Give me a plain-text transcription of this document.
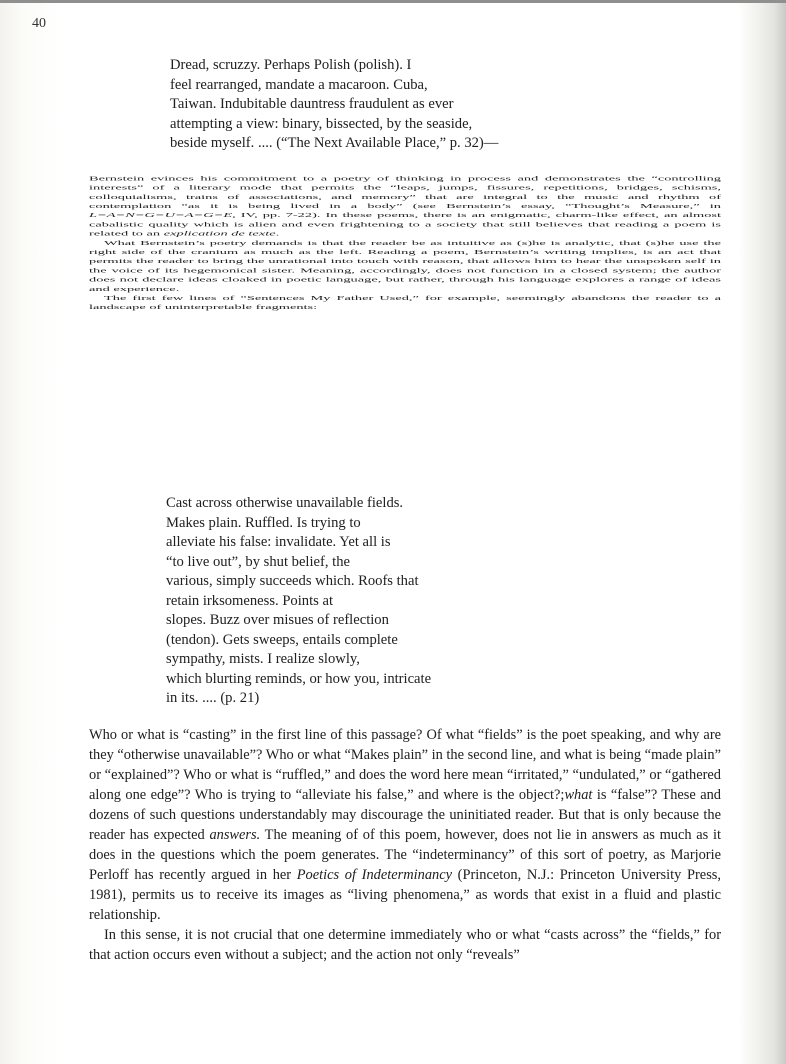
40
Dread, scruzzy. Perhaps Polish (polish). I
feel rearranged, mandate a macaroon. Cuba,
Taiwan. Indubitable dauntress fraudulent as ever
attempting a view: binary, bissected, by the seaside,
beside myself. .... (“The Next Available Place,” p. 32)—

Bernstein evinces his commitment to a poetry of thinking in process and demonstrates the “controlling interests” of a literary mode that permits the “leaps, jumps, fissures, repetitions, bridges, schisms, colloquialisms, trains of associations, and memory” that are integral to the music and rhythm of contemplation “as it is being lived in a body” (see Bernstein’s essay, “Thought’s Measure,” in L=A=N=G=U=A=G=E, IV, pp. 7-22). In these poems, there is an enigmatic, charm-like effect, an almost cabalistic quality which is alien and even frightening to a society that still believes that reading a poem is related to an explication de texte.

What Bernstein’s poetry demands is that the reader be as intuitive as (s)he is analytic, that (s)he use the right side of the cranium as much as the left. Reading a poem, Bernstein’s writing implies, is an act that permits the reader to bring the unrational into touch with reason, that allows him to hear the unspoken self in the voice of its hegemonical sister. Meaning, accordingly, does not function in a closed system; the author does not declare ideas cloaked in poetic language, but rather, through his language explores a range of ideas and experience.

The first few lines of “Sentences My Father Used,” for example, seemingly abandons the reader to a landscape of uninterpretable fragments:

Cast across otherwise unavailable fields.
Makes plain. Ruffled. Is trying to
alleviate his false: invalidate. Yet all is
“to live out”, by shut belief, the
various, simply succeeds which. Roofs that
retain irksomeness. Points at
slopes. Buzz over misues of reflection
(tendon). Gets sweeps, entails complete
sympathy, mists. I realize slowly,
which blurting reminds, or how you, intricate
in its. .... (p. 21)

Who or what is “casting” in the first line of this passage? Of what “fields” is the poet speaking, and why are they “otherwise unavailable”? Who or what “Makes plain” in the second line, and what is being “made plain” or “explained”? Who or what is “ruffled,” and does the word here mean “irritated,” “undulated,” or “gathered along one edge”? Who is trying to “alleviate his false,” and where is the object?;what is “false”? These and dozens of such questions understandably may discourage the uninitiated reader. But that is only because the reader has expected answers. The meaning of of this poem, however, does not lie in answers as much as it does in the questions which the poem generates. The “indeterminancy” of this sort of poetry, as Marjorie Perloff has recently argued in her Poetics of Indeterminancy (Princeton, N.J.: Princeton University Press, 1981), permits us to receive its images as “living phenomena,” as words that exist in a fluid and plastic relationship.

In this sense, it is not crucial that one determine immediately who or what “casts across” the “fields,” for that action occurs even without a subject; and the action not only “reveals”
